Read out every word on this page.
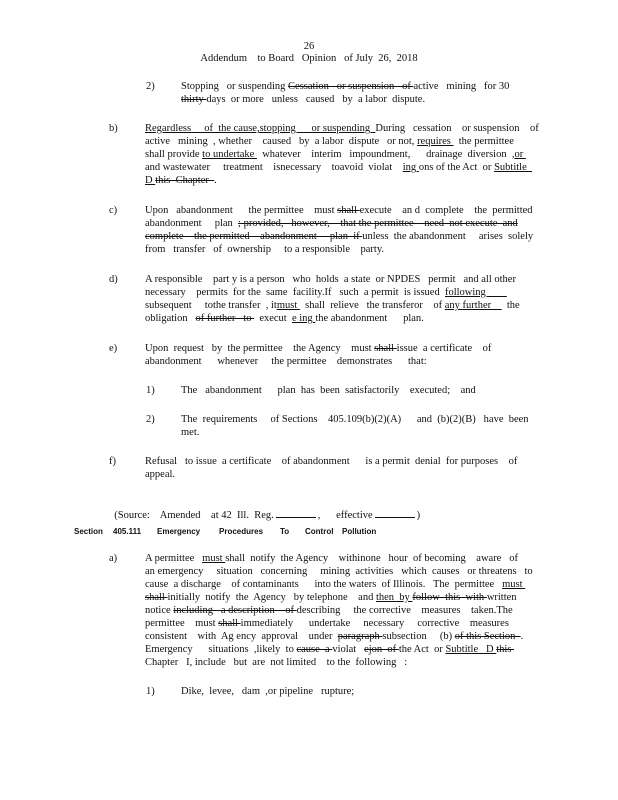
26
Addendum    to Board   Opinion   of July  26,  2018
2)	Stopping   or suspending Cessation   or suspension   of active   mining   for 30
thirty days  or more   unless   caused   by  a labor  dispute.
b)	Regardless     of  the cause,stopping      or suspending  During   cessation    or suspension    of
active   mining  , whether    caused   by  a labor  dispute   or not, requires   the permittee
shall provide to undertake   whatever    interim   impoundment,      drainage  diversion  ,or
and wastewater     treatment    isnecessary    toavoid  violat    ing ons of the Act  or Subtitle
D this  Chapter  .
c)	Upon   abandonment      the permittee    must shall execute    an d  complete    the  permitted
abandonment     plan  ; provided,   however,    that the permittee    need  not execute  and
complete    the permitted    abandonment     plan  if unless  the abandonment     arises  solely
from   transfer   of  ownership     to a responsible    party.
d)	A responsible    part y is a person   who  holds  a state  or NPDES   permit   and all other
necessary    permits  for the  same  facility.If   such  a permit  is issued  following
subsequent     tothe transfer  , itmust   shall  relieve   the transferor    of any further      the
obligation   of further   to   execut  e ing the abandonment      plan.
e)	Upon  request   by  the permittee    the Agency    must shall issue  a certificate    of
abandonment      whenever     the permittee    demonstrates      that:
1)	The   abandonment      plan  has  been  satisfactorily    executed;    and
2)	The  requirements     of Sections    405.109(b)(2)(A)      and  (b)(2)(B)   have  been
met.
f)	Refusal   to issue  a certificate    of abandonment      is a permit  denial  for purposes    of
appeal.

(Source:    Amended    at 42  Ill.  Reg.	,      effective	)

Section 405.111 Emergency Procedures To Control Pollution
a)	A permittee   must shall  notify  the Agency    withinone   hour  of becoming    aware   of
an emergency     situation   concerning     mining  activities   which  causes   or threatens   to
cause  a discharge    of contaminants      into the waters  of Illinois.   The  permittee   must
shall initially  notify  the  Agency   by telephone    and then  by follow  this  with written
notice including   a description    of describing     the corrective    measures    taken.The
permittee    must shall immediately      undertake     necessary     corrective    measures
consistent    with  Ag ency  approval    under  paragraph subsection     (b) of this Section  .
Emergency      situations  ,likely  to cause  a violat   ejon  of the Act  or Subtitle   D this
Chapter   I, include   but  are  not limited    to the  following   :
1)	Dike,  levee,   dam  ,or pipeline   rupture;
